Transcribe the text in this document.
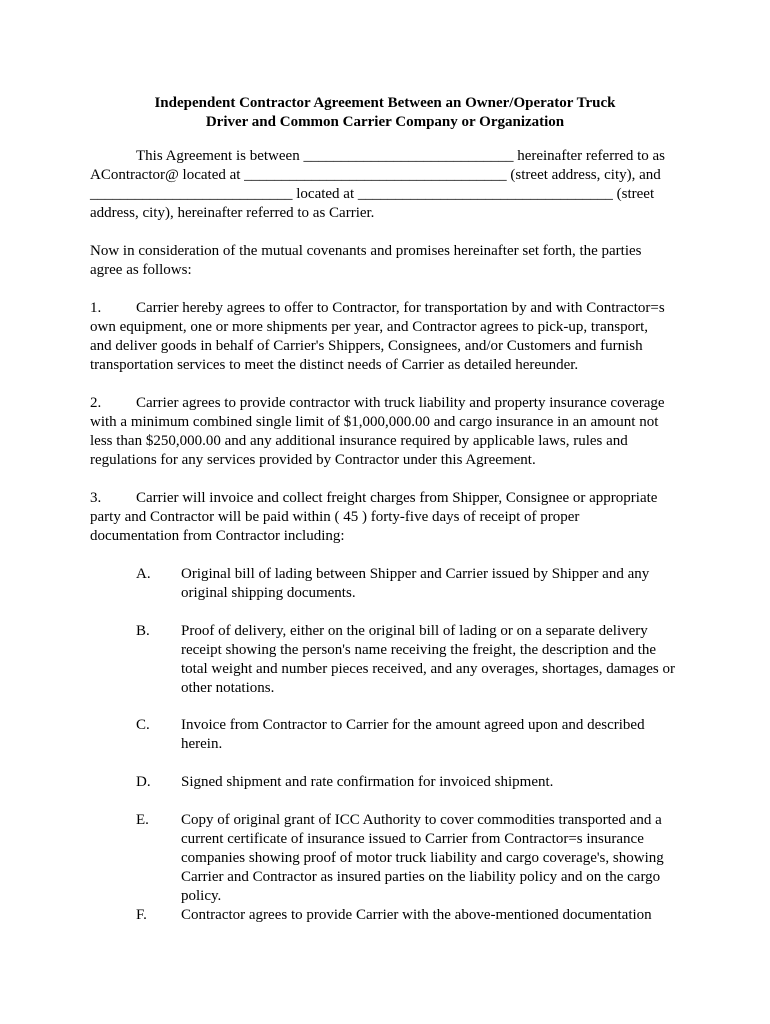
Independent Contractor Agreement Between an Owner/Operator Truck
Driver and Common Carrier Company or Organization
This Agreement is between ____________________________ hereinafter referred to as
AContractor@ located at ___________________________________ (street address, city), and
___________________________ located at __________________________________ (street
address, city), hereinafter referred to as Carrier.
Now in consideration of the mutual covenants and promises hereinafter set forth, the parties
agree as follows:
1. Carrier hereby agrees to offer to Contractor, for transportation by and with Contractor=s
own equipment, one or more shipments per year, and Contractor agrees to pick-up, transport,
and deliver goods in behalf of Carrier's Shippers, Consignees, and/or Customers and furnish
transportation services to meet the distinct needs of Carrier as detailed hereunder.
2. Carrier agrees to provide contractor with truck liability and property insurance coverage
with a minimum combined single limit of $1,000,000.00 and cargo insurance in an amount not
less than $250,000.00 and any additional insurance required by applicable laws, rules and
regulations for any services provided by Contractor under this Agreement.
3. Carrier will invoice and collect freight charges from Shipper, Consignee or appropriate
party and Contractor will be paid within ( 45 ) forty-five days of receipt of proper
documentation from Contractor including:
A. Original bill of lading between Shipper and Carrier issued by Shipper and any
original shipping documents.
B. Proof of delivery, either on the original bill of lading or on a separate delivery
receipt showing the person's name receiving the freight, the description and the
total weight and number pieces received, and any overages, shortages, damages or
other notations.
C. Invoice from Contractor to Carrier for the amount agreed upon and described
herein.
D. Signed shipment and rate confirmation for invoiced shipment.
E. Copy of original grant of ICC Authority to cover commodities transported and a
current certificate of insurance issued to Carrier from Contractor=s insurance
companies showing proof of motor truck liability and cargo coverage's, showing
Carrier and Contractor as insured parties on the liability policy and on the cargo
policy.
F. Contractor agrees to provide Carrier with the above-mentioned documentation
